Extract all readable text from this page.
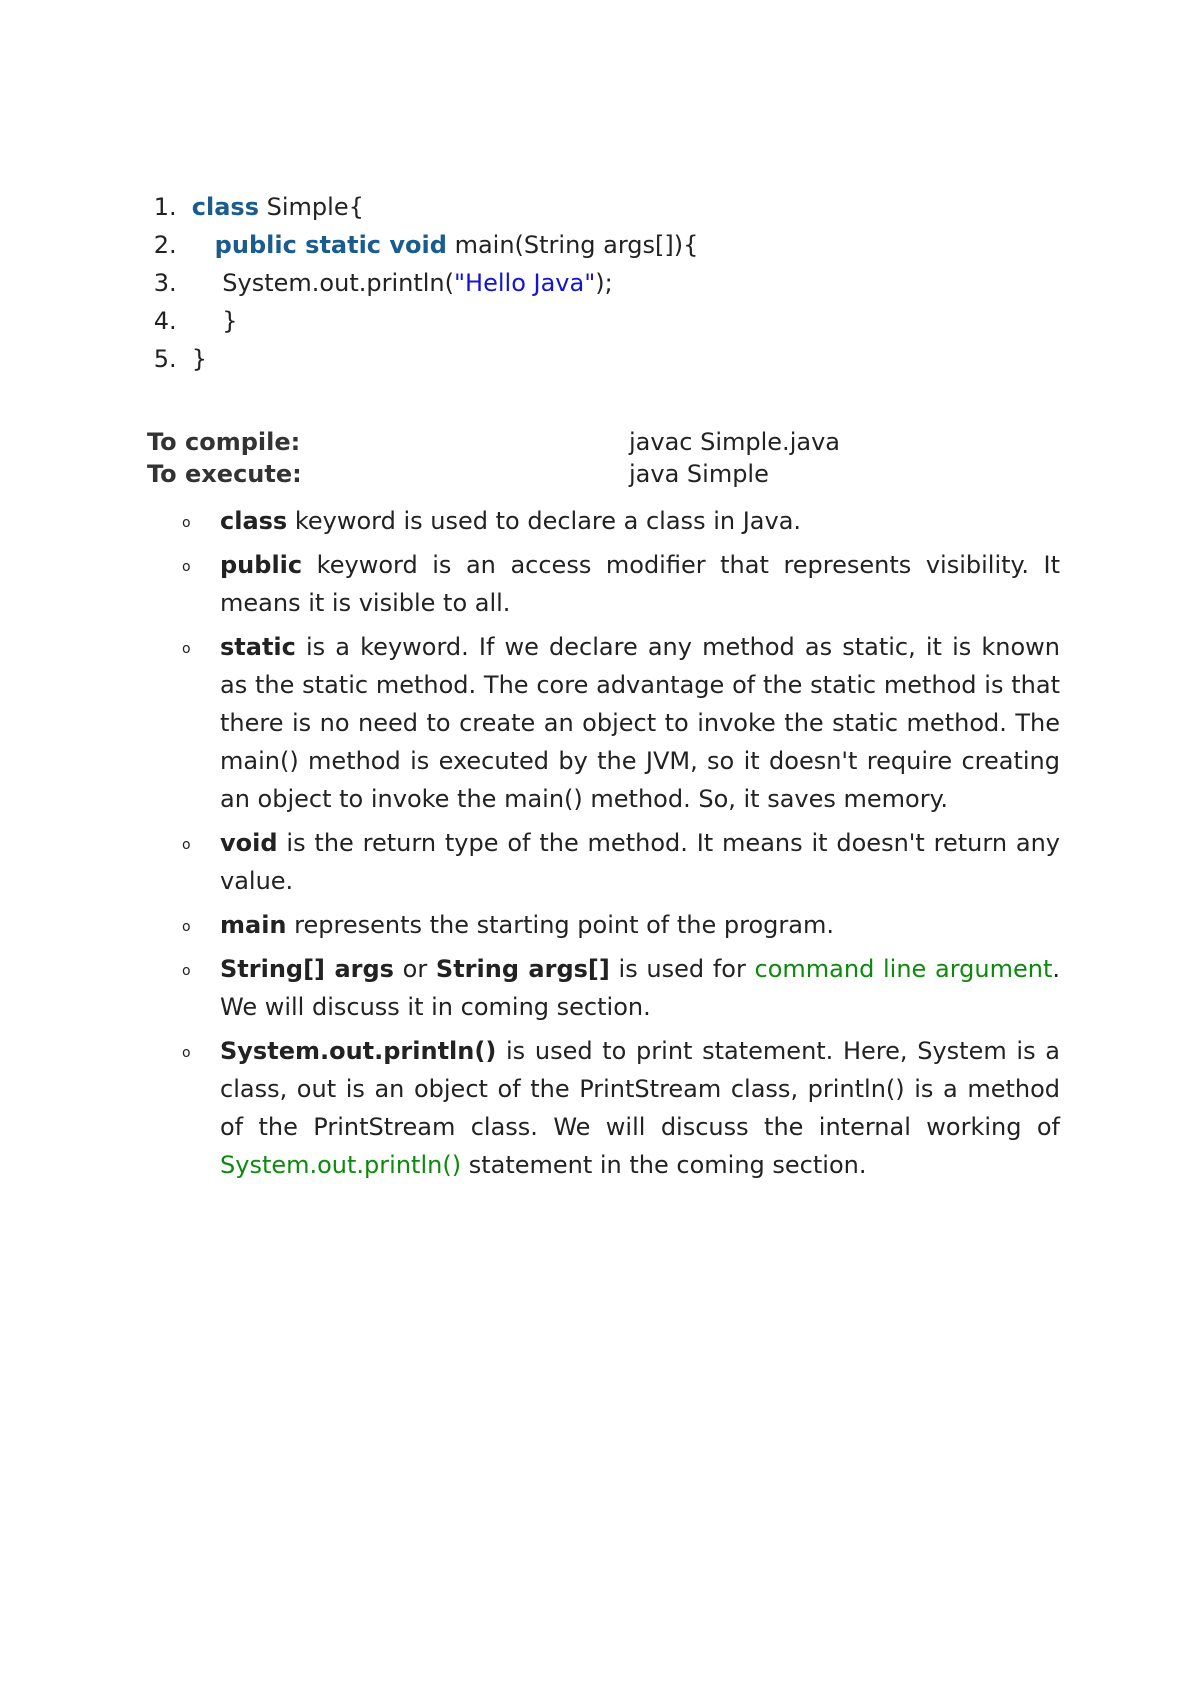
1. class Simple{

2. public static void main(String args[]){

3.    System.out.println("Hello Java");

4.    }

5. }

To compile:	javac Simple.java
To execute:	java Simple
o class keyword is used to declare a class in Java.
o public keyword is an access modifier that represents visibility. It means it is visible to all.
o static is a keyword. If we declare any method as static, it is known as the static method. The core advantage of the static method is that there is no need to create an object to invoke the static method. The main() method is executed by the JVM, so it doesn't require creating an object to invoke the main() method. So, it saves memory.
o void is the return type of the method. It means it doesn't return any value.
o main represents the starting point of the program.
o String[] args or String args[] is used for command line argument. We will discuss it in coming section.
o System.out.println() is used to print statement. Here, System is a class, out is an object of the PrintStream class, println() is a method of the PrintStream class. We will discuss the internal working of System.out.println() statement in the coming section.
